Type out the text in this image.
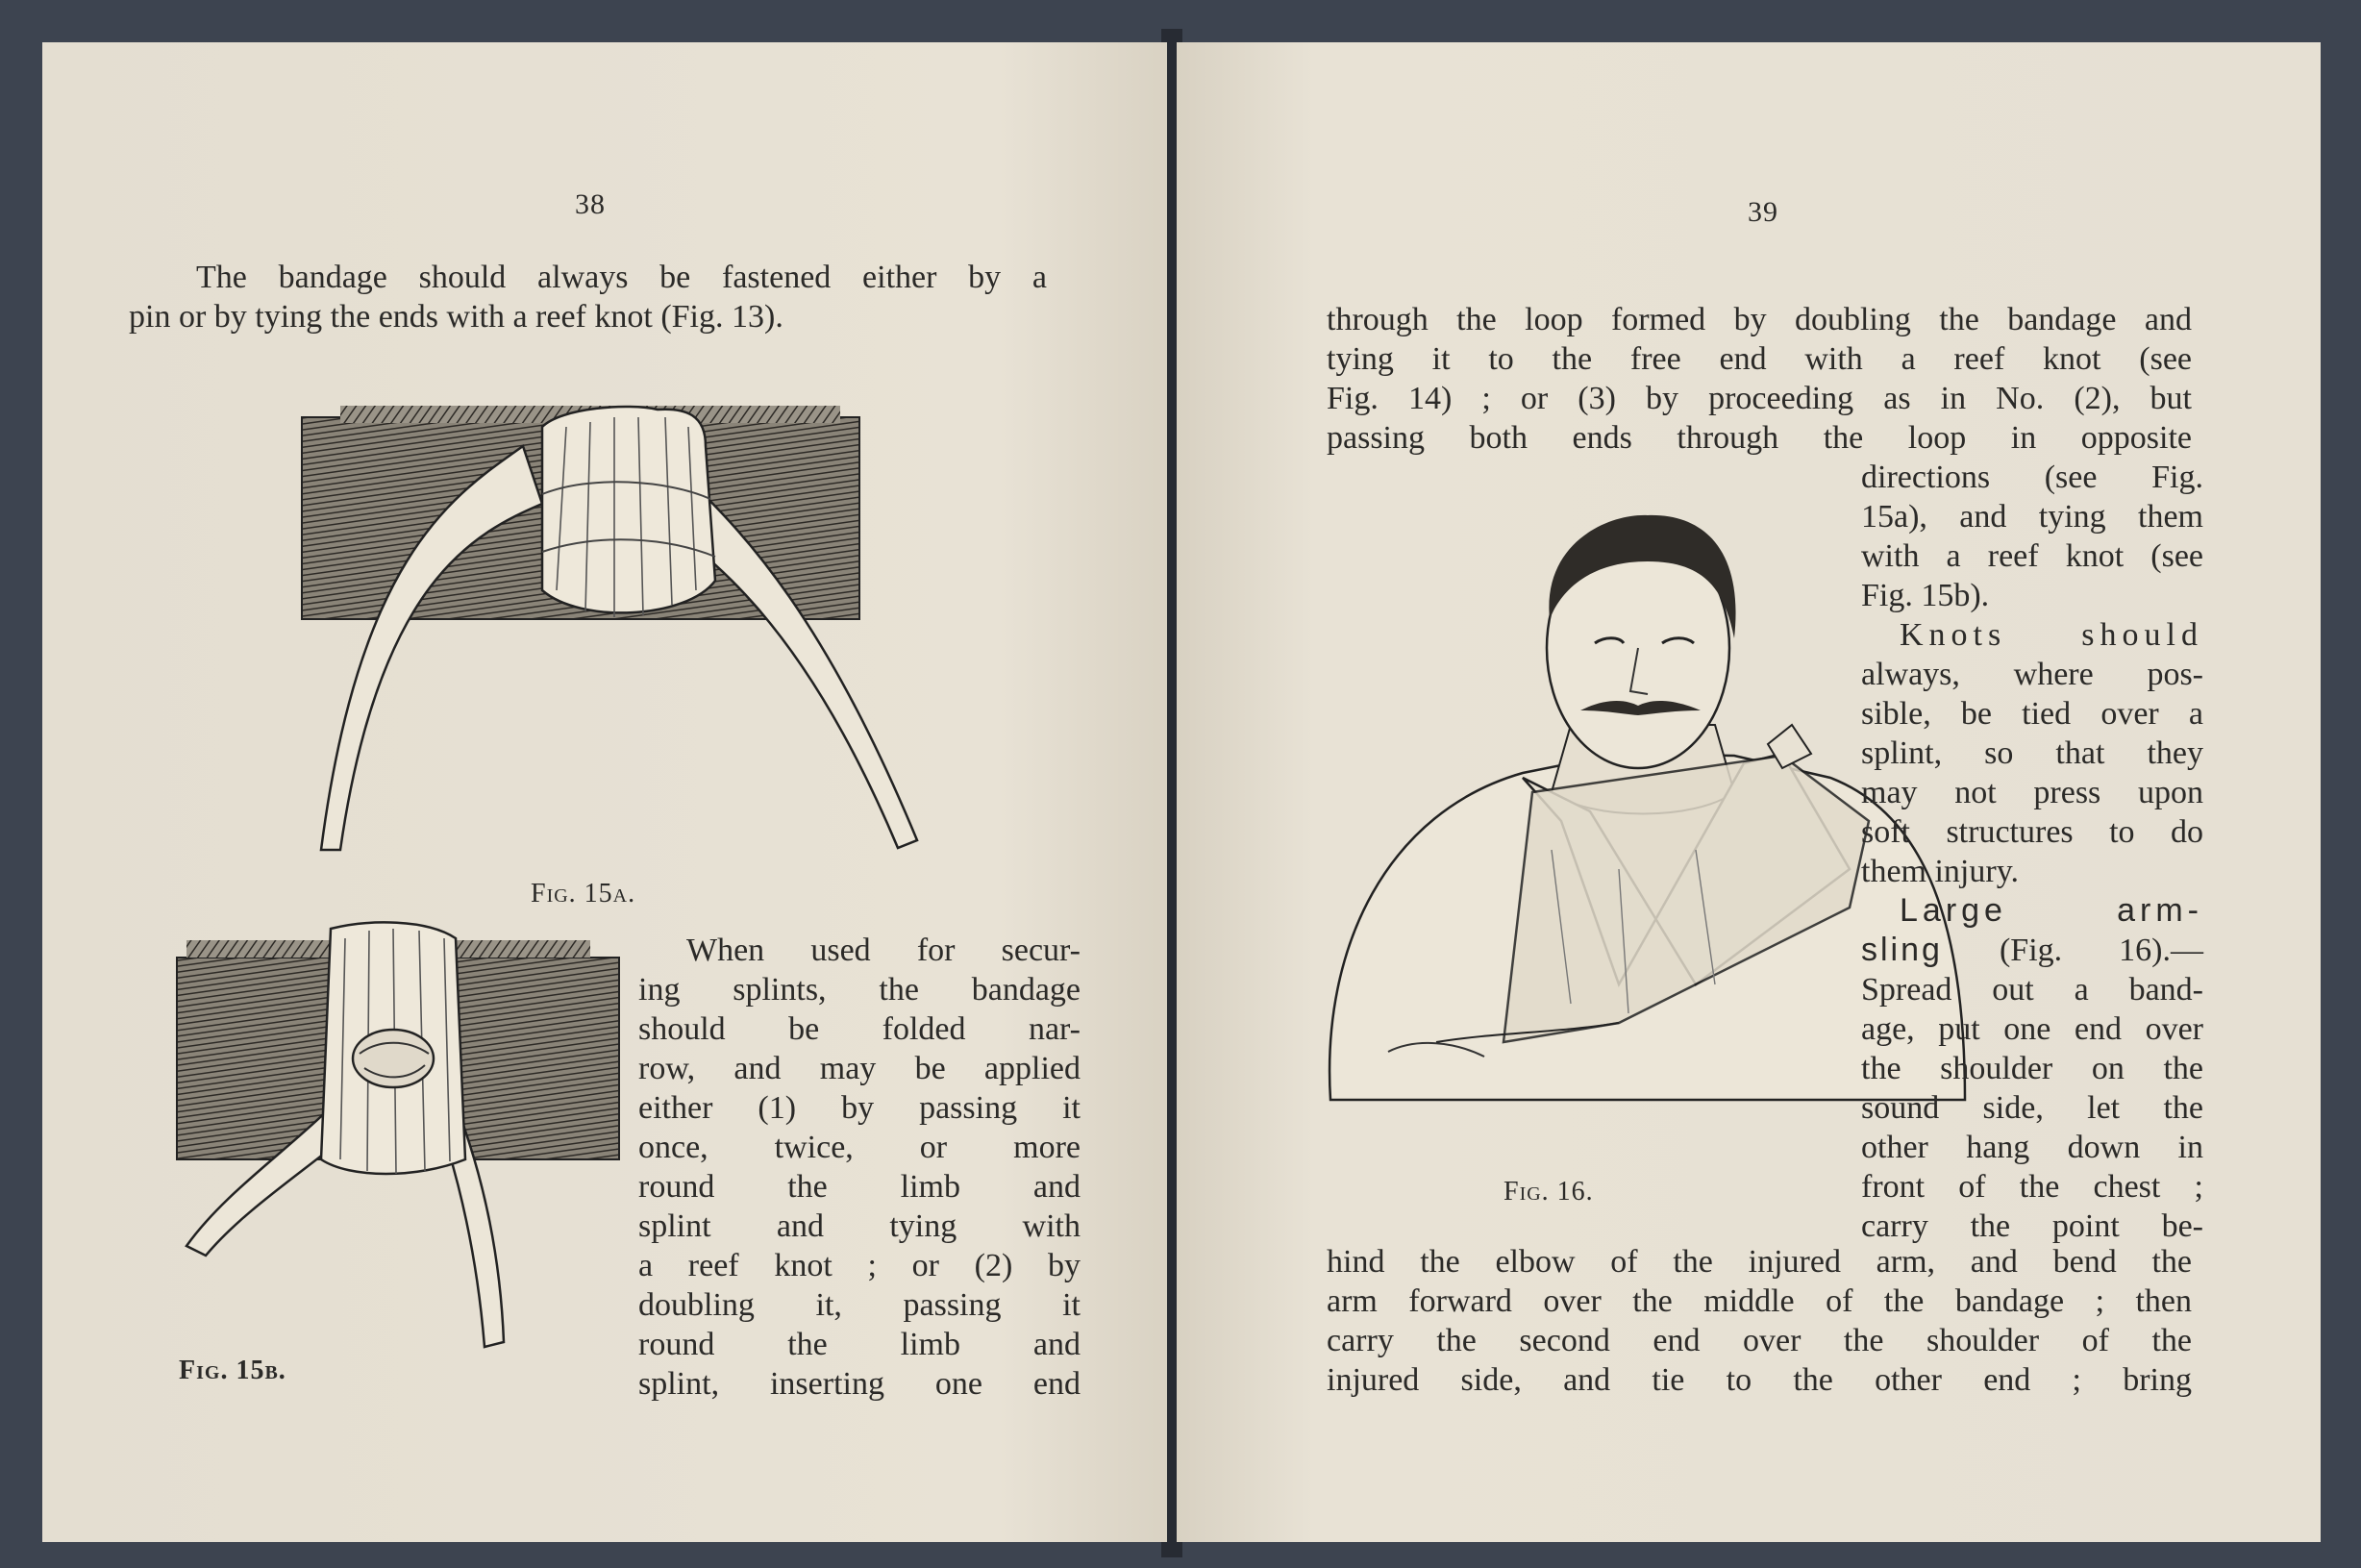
38
The bandage should always be fastened either by a
pin or by tying the ends with a reef knot (Fig. 13).
Fig. 15a.
Fig. 15b.
When used for secur-
ing splints, the bandage
should be folded nar-
row, and may be applied
either (1) by passing it
once, twice, or more
round the limb and
splint and tying with
a reef knot ; or (2) by
doubling it, passing it
round the limb and
splint, inserting one end
39
through the loop formed by doubling the bandage and
tying it to the free end with a reef knot (see
Fig. 14) ; or (3) by proceeding as in No. (2), but
passing both ends through the loop in opposite
Fig. 16.
directions (see Fig.
15a), and tying them
with a reef knot (see
Fig. 15b).
Knots should
always, where pos-
sible, be tied over a
splint, so that they
may not press upon
soft structures to do
them injury.
Large arm-
sling (Fig. 16).—
Spread out a band-
age, put one end over
the shoulder on the
sound side, let the
other hang down in
front of the chest ;
carry the point be-
hind the elbow of the injured arm, and bend the
arm forward over the middle of the bandage ; then
carry the second end over the shoulder of the
injured side, and tie to the other end ; bring
